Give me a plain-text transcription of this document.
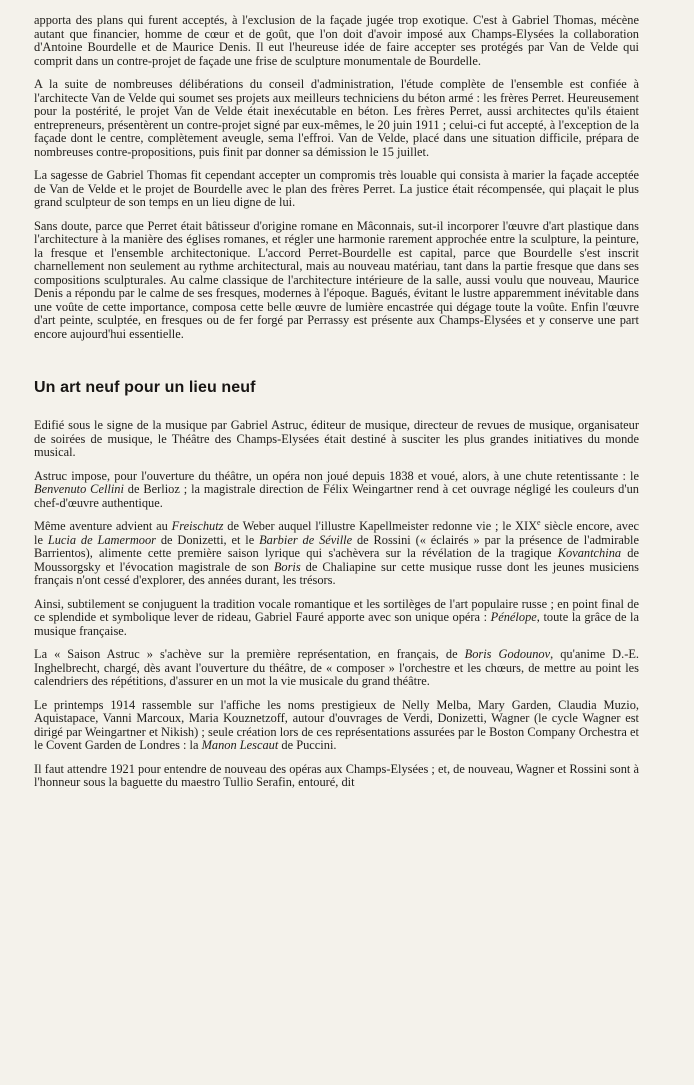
apporta des plans qui furent acceptés, à l'exclusion de la façade jugée trop exotique. C'est à Gabriel Thomas, mécène autant que financier, homme de cœur et de goût, que l'on doit d'avoir imposé aux Champs-Elysées la collaboration d'Antoine Bourdelle et de Maurice Denis. Il eut l'heureuse idée de faire accepter ses protégés par Van de Velde qui comprit dans un contre-projet de façade une frise de sculpture monumentale de Bourdelle.

A la suite de nombreuses délibérations du conseil d'administration, l'étude complète de l'ensemble est confiée à l'architecte Van de Velde qui soumet ses projets aux meilleurs techniciens du béton armé : les frères Perret. Heureusement pour la postérité, le projet Van de Velde était inexécutable en béton. Les frères Perret, aussi architectes qu'ils étaient entrepreneurs, présentèrent un contre-projet signé par eux-mêmes, le 20 juin 1911 ; celui-ci fut accepté, à l'exception de la façade dont le centre, complètement aveugle, sema l'effroi. Van de Velde, placé dans une situation difficile, prépara de nombreuses contre-propositions, puis finit par donner sa démission le 15 juillet.

La sagesse de Gabriel Thomas fit cependant accepter un compromis très louable qui consista à marier la façade acceptée de Van de Velde et le projet de Bourdelle avec le plan des frères Perret. La justice était récompensée, qui plaçait le plus grand sculpteur de son temps en un lieu digne de lui.

Sans doute, parce que Perret était bâtisseur d'origine romane en Mâconnais, sut-il incorporer l'œuvre d'art plastique dans l'architecture à la manière des églises romanes, et régler une harmonie rarement approchée entre la sculpture, la peinture, la fresque et l'ensemble architectonique. L'accord Perret-Bourdelle est capital, parce que Bourdelle s'est inscrit charnellement non seulement au rythme architectural, mais au nouveau matériau, tant dans la partie fresque que dans ses compositions sculpturales. Au calme classique de l'architecture intérieure de la salle, aussi voulu que nouveau, Maurice Denis a répondu par le calme de ses fresques, modernes à l'époque. Bagués, évitant le lustre apparemment inévitable dans une voûte de cette importance, composa cette belle œuvre de lumière encastrée qui dégage toute la voûte. Enfin l'œuvre d'art peinte, sculptée, en fresques ou de fer forgé par Perrassy est présente aux Champs-Elysées et y conserve une part encore aujourd'hui essentielle.

Un art neuf pour un lieu neuf

Edifié sous le signe de la musique par Gabriel Astruc, éditeur de musique, directeur de revues de musique, organisateur de soirées de musique, le Théâtre des Champs-Elysées était destiné à susciter les plus grandes initiatives du monde musical.

Astruc impose, pour l'ouverture du théâtre, un opéra non joué depuis 1838 et voué, alors, à une chute retentissante : le Benvenuto Cellini de Berlioz ; la magistrale direction de Félix Weingartner rend à cet ouvrage négligé les couleurs d'un chef-d'œuvre authentique.

Même aventure advient au Freischutz de Weber auquel l'illustre Kapellmeister redonne vie ; le XIXe siècle encore, avec le Lucia de Lamermoor de Donizetti, et le Barbier de Séville de Rossini (« éclairés » par la présence de l'admirable Barrientos), alimente cette première saison lyrique qui s'achèvera sur la révélation de la tragique Kovantchina de Moussorgsky et l'évocation magistrale de son Boris de Chaliapine sur cette musique russe dont les jeunes musiciens français n'ont cessé d'explorer, des années durant, les trésors.

Ainsi, subtilement se conjuguent la tradition vocale romantique et les sortilèges de l'art populaire russe ; en point final de ce splendide et symbolique lever de rideau, Gabriel Fauré apporte avec son unique opéra : Pénélope, toute la grâce de la musique française.

La « Saison Astruc » s'achève sur la première représentation, en français, de Boris Godounov, qu'anime D.-E. Inghelbrecht, chargé, dès avant l'ouverture du théâtre, de « composer » l'orchestre et les chœurs, de mettre au point les calendriers des répétitions, d'assurer en un mot la vie musicale du grand théâtre.

Le printemps 1914 rassemble sur l'affiche les noms prestigieux de Nelly Melba, Mary Garden, Claudia Muzio, Aquistapace, Vanni Marcoux, Maria Kouznetzoff, autour d'ouvrages de Verdi, Donizetti, Wagner (le cycle Wagner est dirigé par Weingartner et Nikish) ; seule création lors de ces représentations assurées par le Boston Company Orchestra et le Covent Garden de Londres : la Manon Lescaut de Puccini.

Il faut attendre 1921 pour entendre de nouveau des opéras aux Champs-Elysées ; et, de nouveau, Wagner et Rossini sont à l'honneur sous la baguette du maestro Tullio Serafin, entouré, dit
